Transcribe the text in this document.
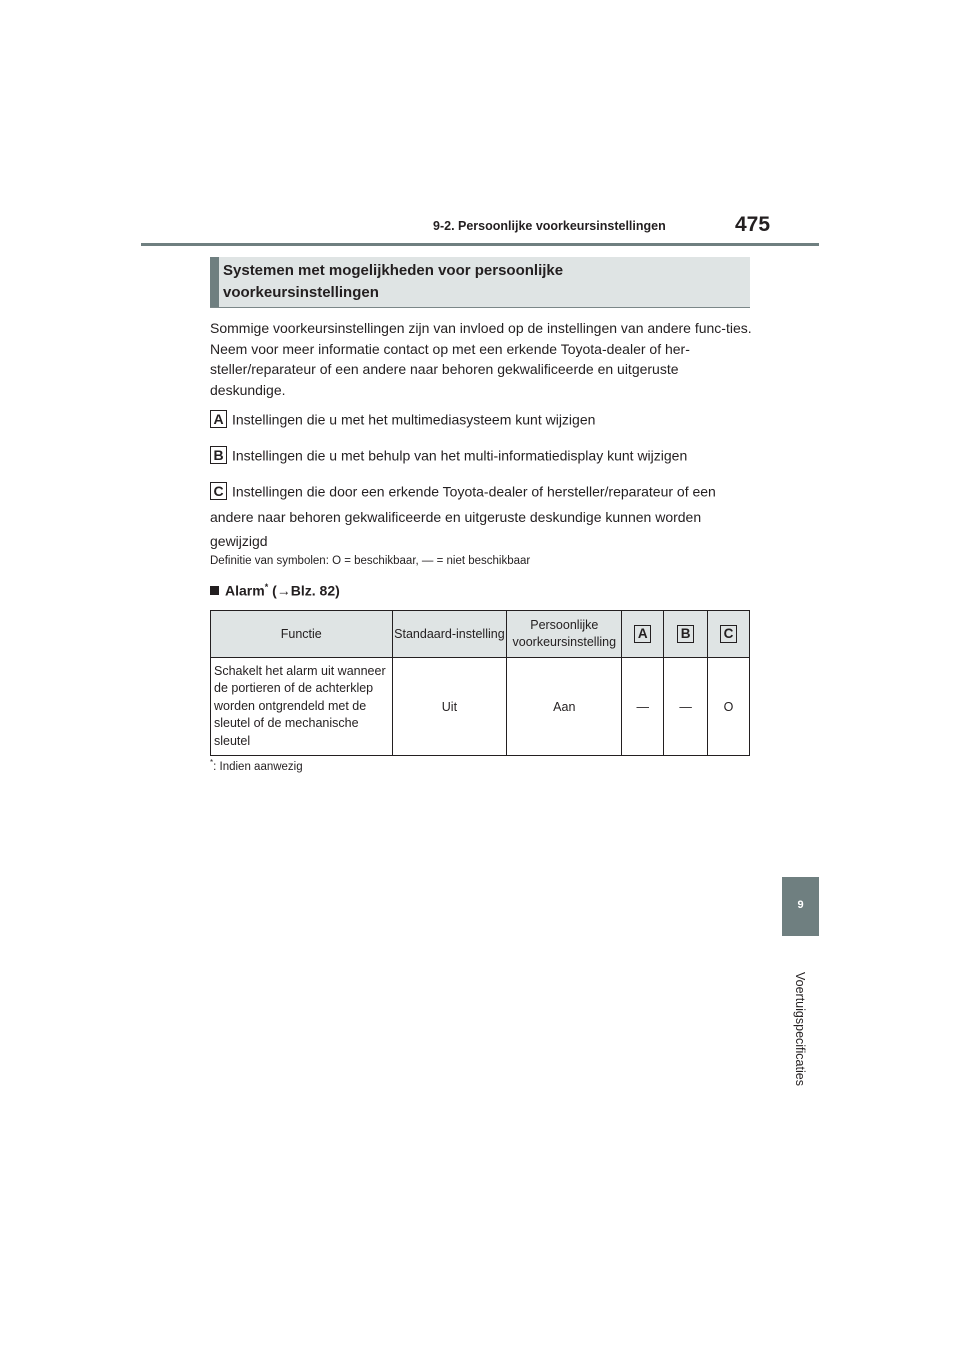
9-2. Persoonlijke voorkeursinstellingen	475
9
Voertuigspecificaties
Systemen met mogelijkheden voor persoonlijke
voorkeursinstellingen
Sommige voorkeursinstellingen zijn van invloed op de instellingen van andere func-ties. Neem voor meer informatie contact op met een erkende Toyota-dealer of her-steller/reparateur of een andere naar behoren gekwalificeerde en uitgeruste deskundige.
A Instellingen die u met het multimediasysteem kunt wijzigen
B Instellingen die u met behulp van het multi-informatiedisplay kunt wijzigen
C Instellingen die door een erkende Toyota-dealer of hersteller/reparateur of een
andere naar behoren gekwalificeerde en uitgeruste deskundige kunnen worden gewijzigd
Definitie van symbolen: O = beschikbaar, — = niet beschikbaar
Alarm* (→Blz. 82)
Functie	Standaard-instelling	Persoonlijke voorkeursinstelling	A	B	C
Schakelt het alarm uit wanneer de portieren of de achterklep worden ontgrendeld met de sleutel of de mechanische sleutel	Uit	Aan	—	—	O
*: Indien aanwezig
